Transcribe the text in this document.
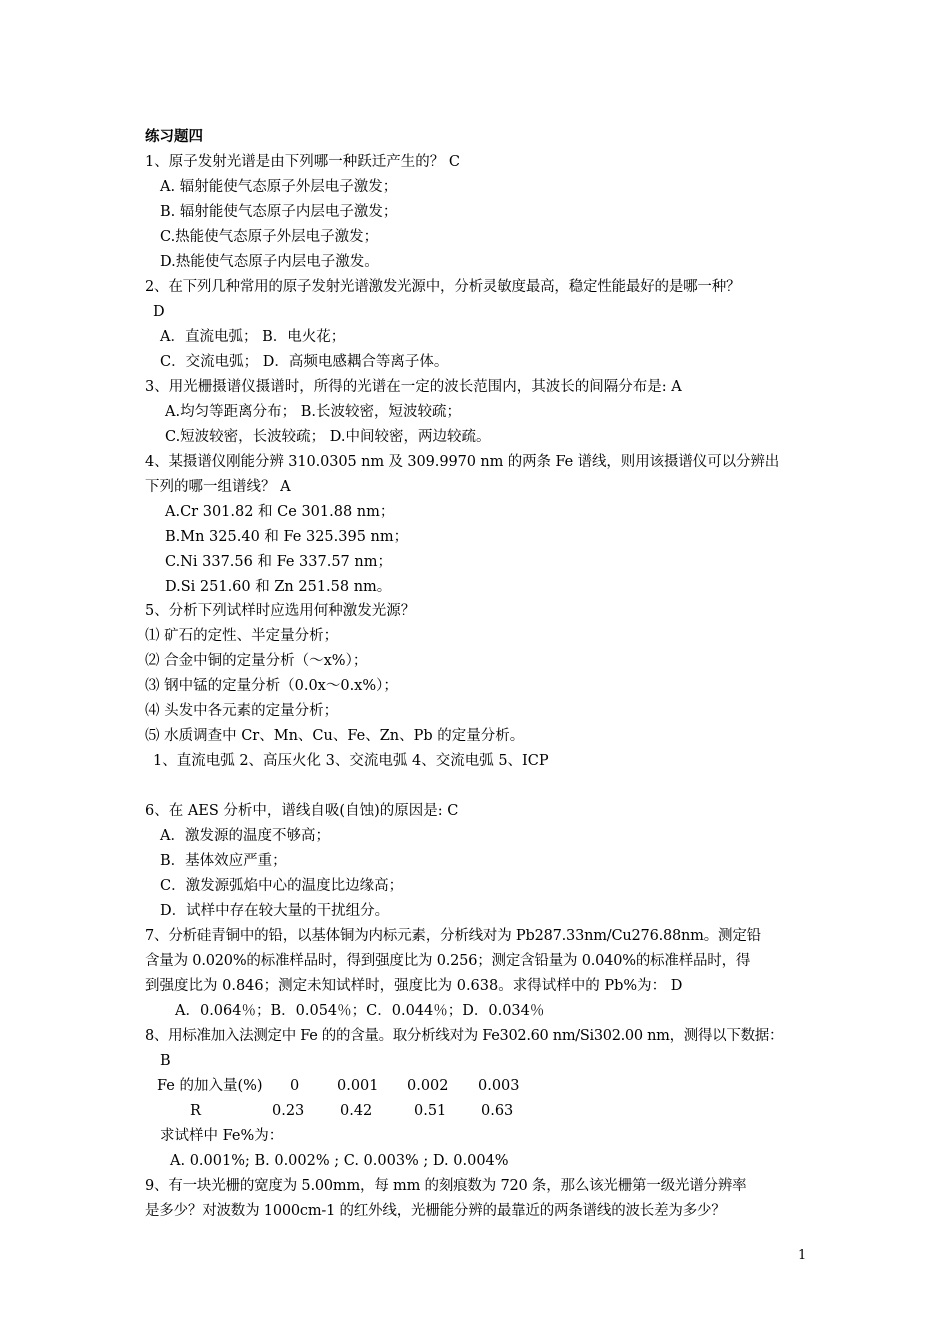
练习题四
1、原子发射光谱是由下列哪一种跃迁产生的？ C
A. 辐射能使气态原子外层电子激发；
B. 辐射能使气态原子内层电子激发；
C.热能使气态原子外层电子激发；
D.热能使气态原子内层电子激发。
2、在下列几种常用的原子发射光谱激发光源中，分析灵敏度最高，稳定性能最好的是哪一种？
D
A．直流电弧； B．电火花；
C．交流电弧； D．高频电感耦合等离子体。
3、用光栅摄谱仪摄谱时，所得的光谱在一定的波长范围内，其波长的间隔分布是: A
A.均匀等距离分布； B.长波较密，短波较疏；
C.短波较密，长波较疏； D.中间较密，两边较疏。
4、某摄谱仪刚能分辨 310.0305 nm 及 309.9970 nm 的两条 Fe 谱线，则用该摄谱仪可以分辨出
下列的哪一组谱线？ A
A.Cr 301.82 和 Ce 301.88 nm；
B.Mn 325.40 和 Fe 325.395 nm；
C.Ni 337.56 和 Fe 337.57 nm；
D.Si 251.60 和 Zn 251.58 nm。
5、分析下列试样时应选用何种激发光源？
⑴ 矿石的定性、半定量分析；
⑵ 合金中铜的定量分析（～x%）；
⑶ 钢中锰的定量分析（0.0x～0.x%）；
⑷ 头发中各元素的定量分析；
⑸ 水质调查中 Cr、Mn、Cu、Fe、Zn、Pb 的定量分析。
1、直流电弧 2、高压火化 3、交流电弧 4、交流电弧 5、ICP
6、在 AES 分析中，谱线自吸(自蚀)的原因是: C
A．激发源的温度不够高；
B．基体效应严重；
C．激发源弧焰中心的温度比边缘高；
D．试样中存在较大量的干扰组分。
7、分析硅青铜中的铅，以基体铜为内标元素，分析线对为 Pb287.33nm/Cu276.88nm。测定铅
含量为 0.020%的标准样品时，得到强度比为 0.256；测定含铅量为 0.040%的标准样品时，得
到强度比为 0.846；测定未知试样时，强度比为 0.638。求得试样中的 Pb%为： D
A．0.064％；B．0.054％；C．0.044％；D．0.034％
8、用标准加入法测定中 Fe 的的含量。取分析线对为 Fe302.60 nm/Si302.00 nm，测得以下数据：
B
Fe 的加入量(%) 0	0.001 0.002 0.003
R	0.23 0.42	0.51 0.63
求试样中 Fe%为：
A. 0.001%; B. 0.002% ; C. 0.003% ; D. 0.004%
9、有一块光栅的宽度为 5.00mm，每 mm 的刻痕数为 720 条，那么该光栅第一级光谱分辨率
是多少？对波数为 1000cm-1 的红外线，光栅能分辨的最靠近的两条谱线的波长差为多少？
1
